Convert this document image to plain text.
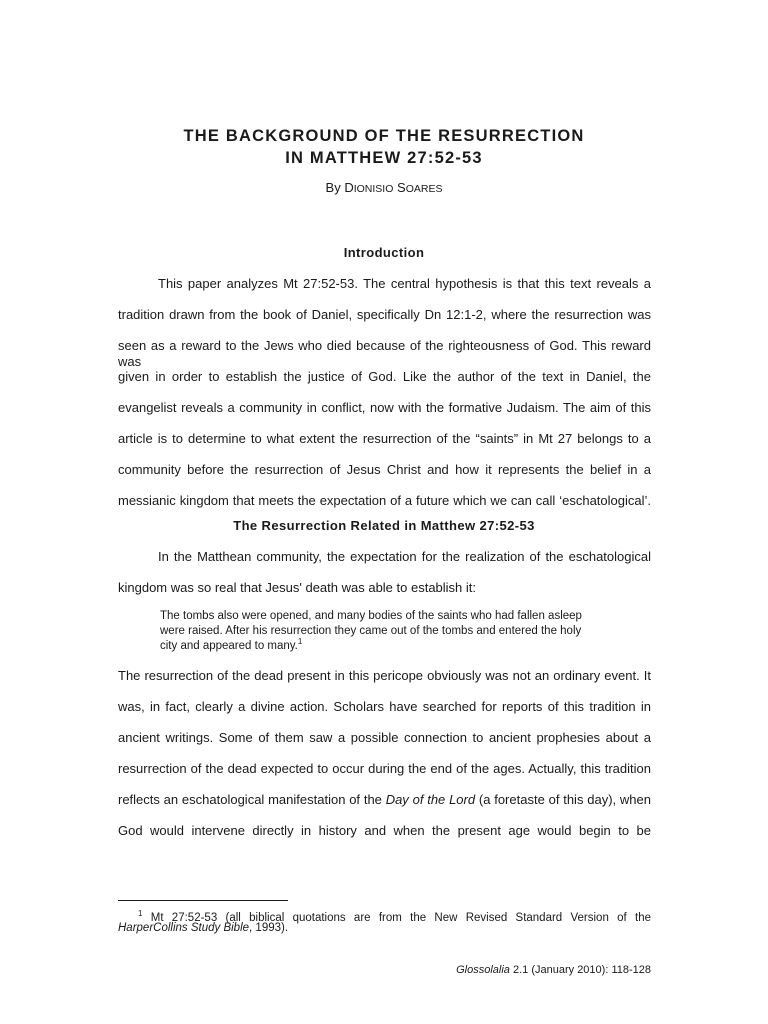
THE BACKGROUND OF THE RESURRECTION
IN MATTHEW 27:52-53
By DIONISIO SOARES
Introduction
This paper analyzes Mt 27:52-53. The central hypothesis is that this text reveals a
tradition drawn from the book of Daniel, specifically Dn 12:1-2, where the resurrection was
seen as a reward to the Jews who died because of the righteousness of God. This reward was
given in order to establish the justice of God. Like the author of the text in Daniel, the
evangelist reveals a community in conflict, now with the formative Judaism. The aim of this
article is to determine to what extent the resurrection of the “saints” in Mt 27 belongs to a
community before the resurrection of Jesus Christ and how it represents the belief in a
messianic kingdom that meets the expectation of a future which we can call ‘eschatological’.
The Resurrection Related in Matthew 27:52-53
In the Matthean community, the expectation for the realization of the eschatological
kingdom was so real that Jesus' death was able to establish it:
The tombs also were opened, and many bodies of the saints who had fallen asleep
were raised. After his resurrection they came out of the tombs and entered the holy
city and appeared to many.$^1$
The resurrection of the dead present in this pericope obviously was not an ordinary event. It
was, in fact, clearly a divine action. Scholars have searched for reports of this tradition in
ancient writings. Some of them saw a possible connection to ancient prophesies about a
resurrection of the dead expected to occur during the end of the ages. Actually, this tradition
reflects an eschatological manifestation of the Day of the Lord (a foretaste of this day), when
God would intervene directly in history and when the present age would begin to be
$^1$ Mt 27:52-53 (all biblical quotations are from the New Revised Standard Version of the
HarperCollins Study Bible, 1993).
Glossolalia 2.1 (January 2010): 118-128
